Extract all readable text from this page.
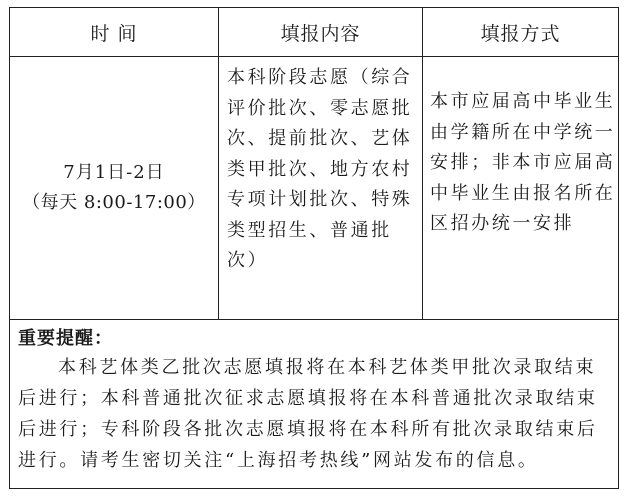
时 间	填报内容	填报方式
7月1日-2日
（每天 8:00-17:00）
本科阶段志愿（综合评价批次、零志愿批次、提前批次、艺体类甲批次、地方农村专项计划批次、特殊类型招生、普通批次）
本市应届高中毕业生由学籍所在中学统一安排；非本市应届高中毕业生由报名所在区招办统一安排
重要提醒：
本科艺体类乙批次志愿填报将在本科艺体类甲批次录取结束后进行；本科普通批次征求志愿填报将在本科普通批次录取结束后进行；专科阶段各批次志愿填报将在本科所有批次录取结束后进行。请考生密切关注“上海招考热线”网站发布的信息。
